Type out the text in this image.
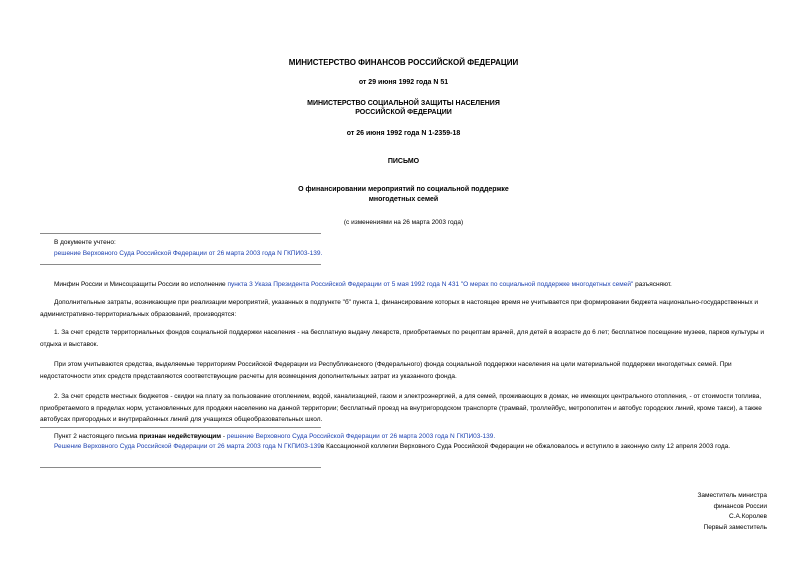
МИНИСТЕРСТВО ФИНАНСОВ РОССИЙСКОЙ ФЕДЕРАЦИИ
от 29 июня 1992 года N 51
МИНИСТЕРСТВО СОЦИАЛЬНОЙ ЗАЩИТЫ НАСЕЛЕНИЯ
РОССИЙСКОЙ ФЕДЕРАЦИИ
от 26 июня 1992 года N 1-2359-18
ПИСЬМО
О финансировании мероприятий по социальной поддержке
многодетных семей
(с изменениями на 26 марта 2003 года)
В документе учтено:
решение Верховного Суда Российской Федерации от 26 марта 2003 года N ГКПИ03-139.
Минфин России и Минсоцзащиты России во исполнение пункта 3 Указа Президента Российской Федерации от 5 мая 1992 года N 431 "О мерах по социальной поддержке многодетных семей" разъясняют.
Дополнительные затраты, возникающие при реализации мероприятий, указанных в подпункте "б" пункта 1, финансирование которых в настоящее время не учитывается при формировании бюджета национально-государственных и административно-территориальных образований, производятся:
1. За счет средств территориальных фондов социальной поддержки населения - на бесплатную выдачу лекарств, приобретаемых по рецептам врачей, для детей в возрасте до 6 лет; бесплатное посещение музеев, парков культуры и отдыха и выставок.
При этом учитываются средства, выделяемые территориям Российской Федерации из Республиканского (Федерального) фонда социальной поддержки населения на цели материальной поддержки многодетных семей. При недостаточности этих средств представляются соответствующие расчеты для возмещения дополнительных затрат из указанного фонда.
2. За счет средств местных бюджетов - скидки на плату за пользование отоплением, водой, канализацией, газом и электроэнергией, а для семей, проживающих в домах, не имеющих центрального отопления, - от стоимости топлива, приобретаемого в пределах норм, установленных для продажи населению на данной территории; бесплатный проезд на внутригородском транспорте (трамвай, троллейбус, метрополитен и автобус городских линий, кроме такси), а также автобусах пригородных и внутрирайонных линий для учащихся общеобразовательных школ.
Пункт 2 настоящего письма признан недействующим - решение Верховного Суда Российской Федерации от 26 марта 2003 года N ГКПИ03-139.
Решение Верховного Суда Российской Федерации от 26 марта 2003 года N ГКПИ03-139в Кассационной коллегии Верховного Суда Российской Федерации не обжаловалось и вступило в законную силу 12 апреля 2003 года.
Заместитель министра
финансов России
С.А.Королев
Первый заместитель
